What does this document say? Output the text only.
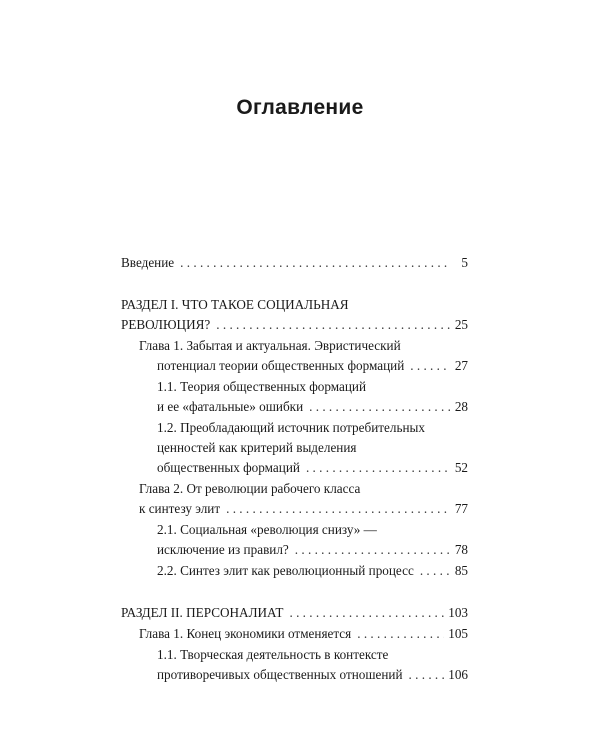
Оглавление
Введение . . .	5
РАЗДЕЛ I. ЧТО ТАКОЕ СОЦИАЛЬНАЯ
РЕВОЛЮЦИЯ? . . .	25
Глава 1. Забытая и актуальная. Эвристический
потенциал теории общественных формаций . . .	27
1.1. Теория общественных формаций
и ее «фатальные» ошибки . . .	28
1.2. Преобладающий источник потребительных
ценностей как критерий выделения
общественных формаций . . .	52
Глава 2. От революции рабочего класса
к синтезу элит . . .	77
2.1. Социальная «революция снизу» —
исключение из правил? . . .	78
2.2. Синтез элит как революционный процесс . . .	85
РАЗДЕЛ II. ПЕРСОНАЛИАТ . . .	103
Глава 1. Конец экономики отменяется . . .	105
1.1. Творческая деятельность в контексте
противоречивых общественных отношений . . .	106
